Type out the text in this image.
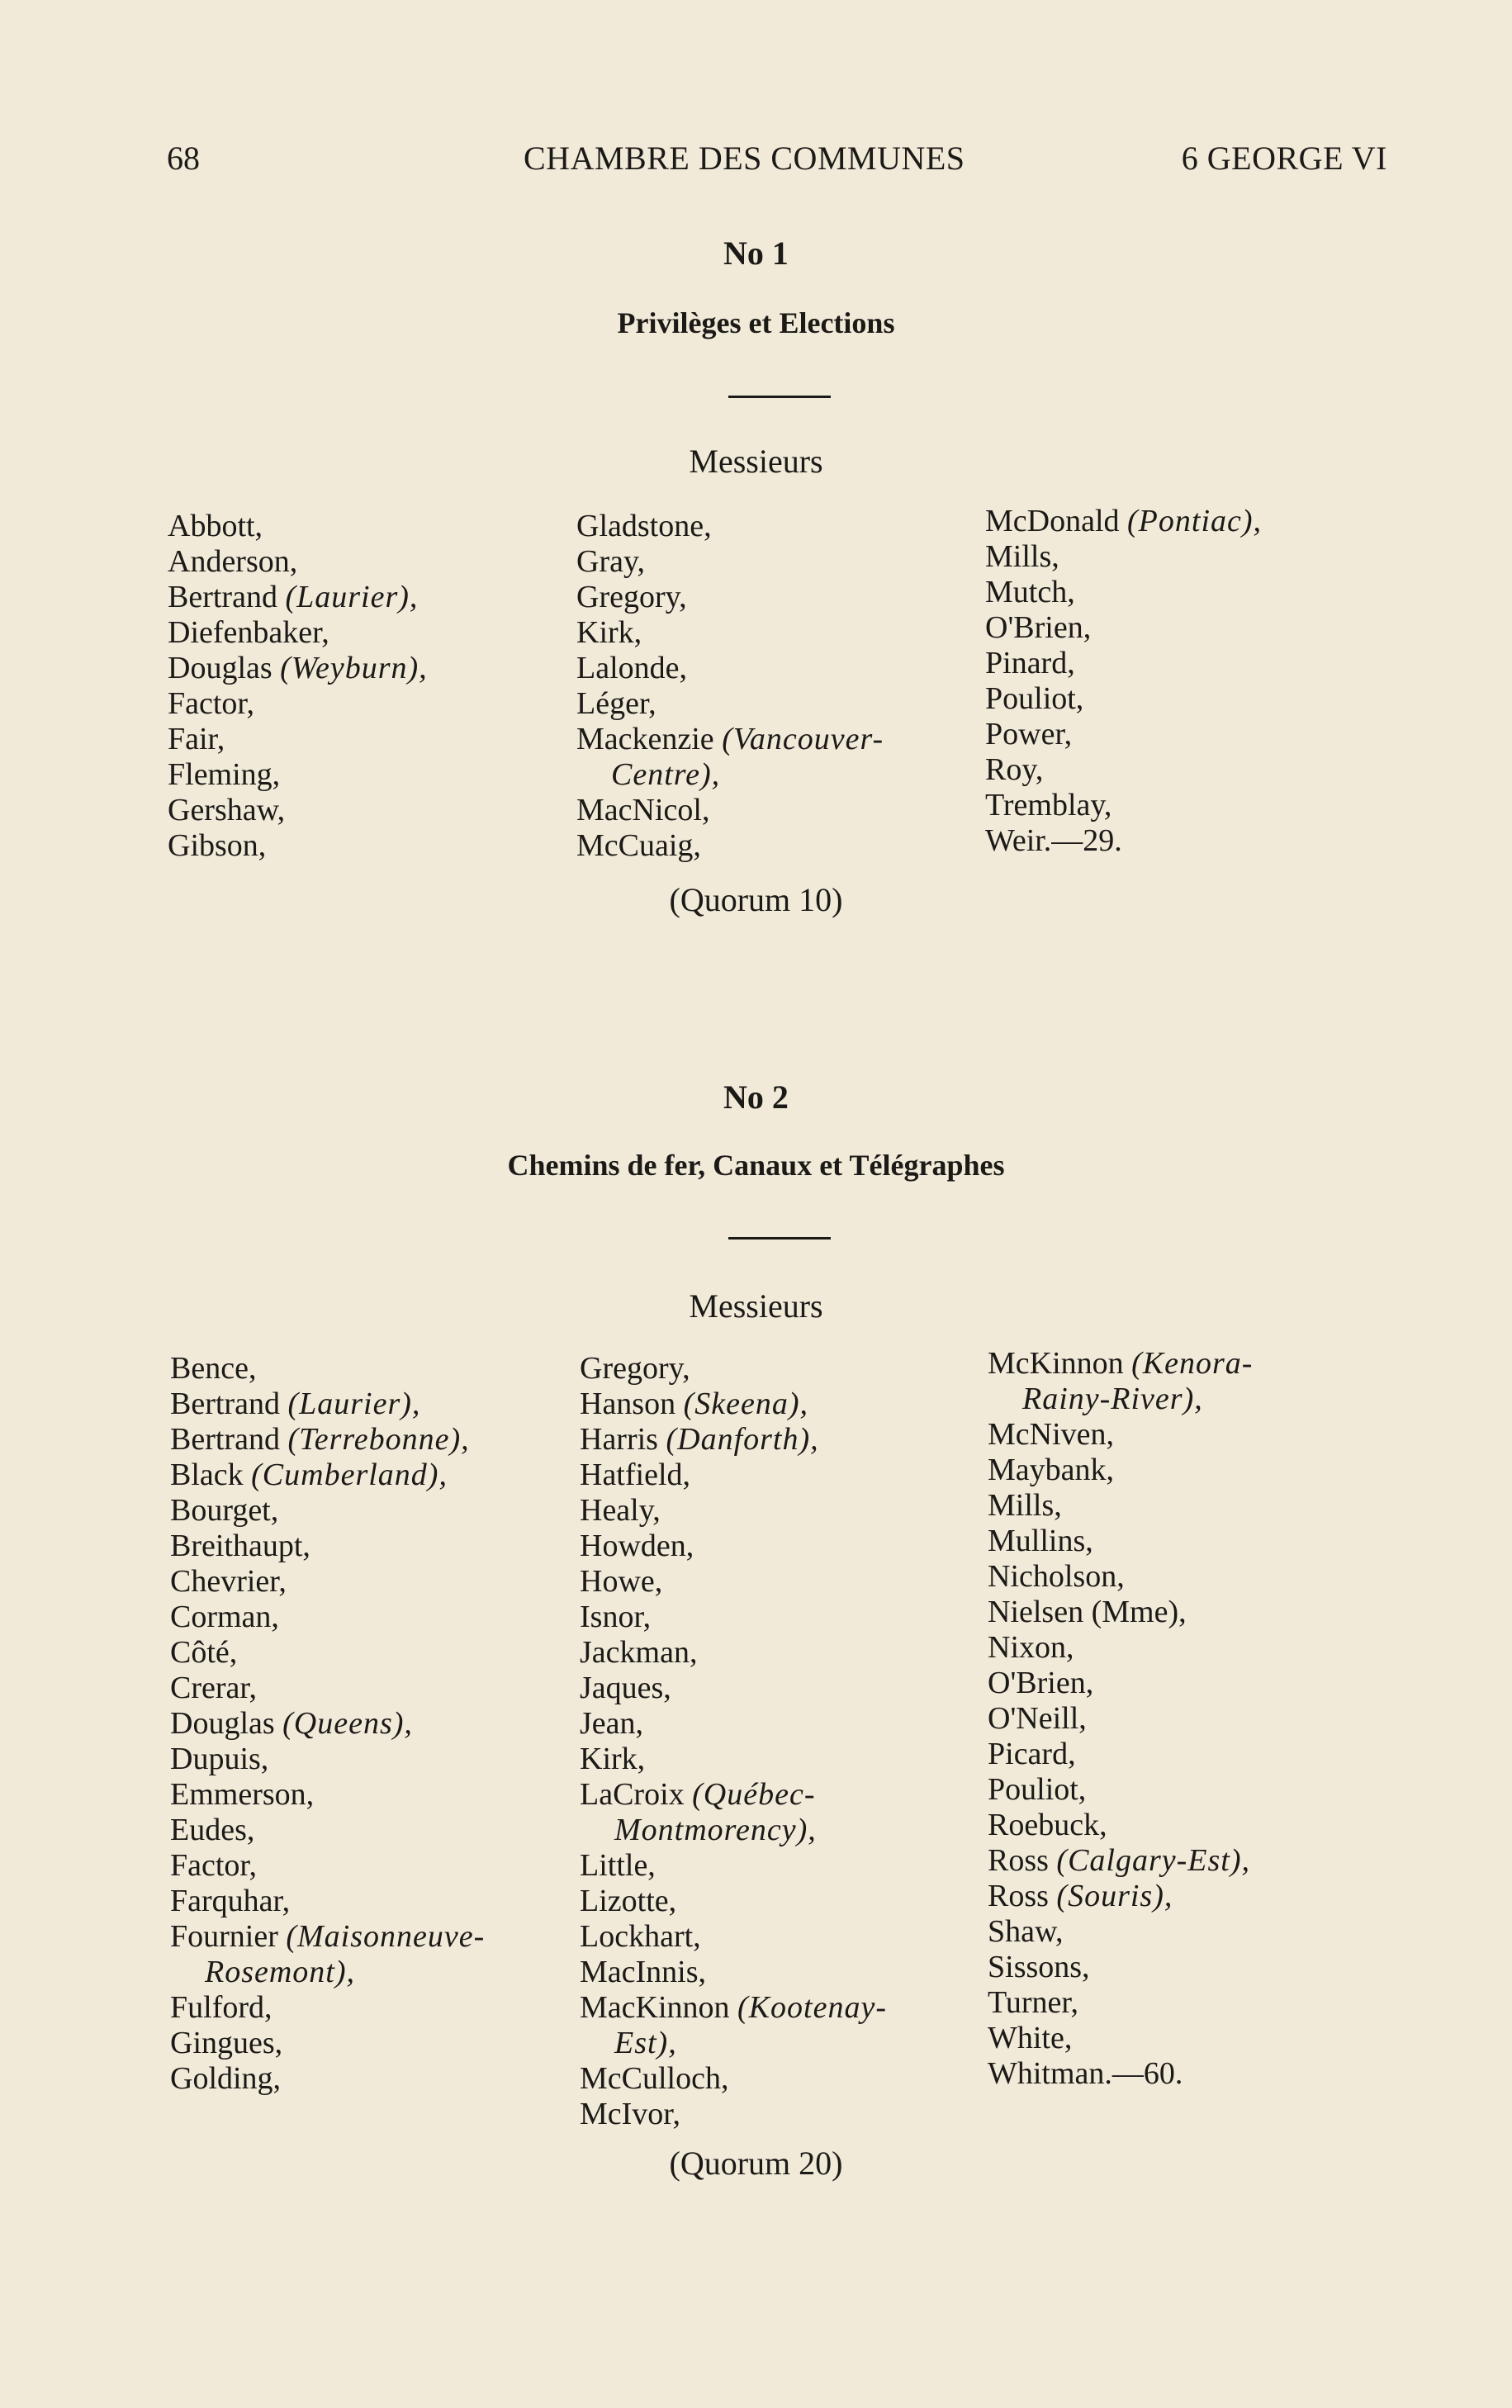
68	CHAMBRE DES COMMUNES	6 GEORGE VI
No 1
Privilèges et Elections
Messieurs
Abbott,
Anderson,
Bertrand (Laurier),
Diefenbaker,
Douglas (Weyburn),
Factor,
Fair,
Fleming,
Gershaw,
Gibson,
Gladstone,
Gray,
Gregory,
Kirk,
Lalonde,
Léger,
Mackenzie (Vancouver-
Centre),
MacNicol,
McCuaig,
McDonald (Pontiac),
Mills,
Mutch,
O'Brien,
Pinard,
Pouliot,
Power,
Roy,
Tremblay,
Weir.—29.
(Quorum 10)
No 2
Chemins de fer, Canaux et Télégraphes
Messieurs
Bence,
Bertrand (Laurier),
Bertrand (Terrebonne),
Black (Cumberland),
Bourget,
Breithaupt,
Chevrier,
Corman,
Côté,
Crerar,
Douglas (Queens),
Dupuis,
Emmerson,
Eudes,
Factor,
Farquhar,
Fournier (Maisonneuve-
Rosemont),
Fulford,
Gingues,
Golding,
Gregory,
Hanson (Skeena),
Harris (Danforth),
Hatfield,
Healy,
Howden,
Howe,
Isnor,
Jackman,
Jaques,
Jean,
Kirk,
LaCroix (Québec-
Montmorency),
Little,
Lizotte,
Lockhart,
MacInnis,
MacKinnon (Kootenay-
Est),
McCulloch,
McIvor,
McKinnon (Kenora-
Rainy-River),
McNiven,
Maybank,
Mills,
Mullins,
Nicholson,
Nielsen (Mme),
Nixon,
O'Brien,
O'Neill,
Picard,
Pouliot,
Roebuck,
Ross (Calgary-Est),
Ross (Souris),
Shaw,
Sissons,
Turner,
White,
Whitman.—60.
(Quorum 20)
